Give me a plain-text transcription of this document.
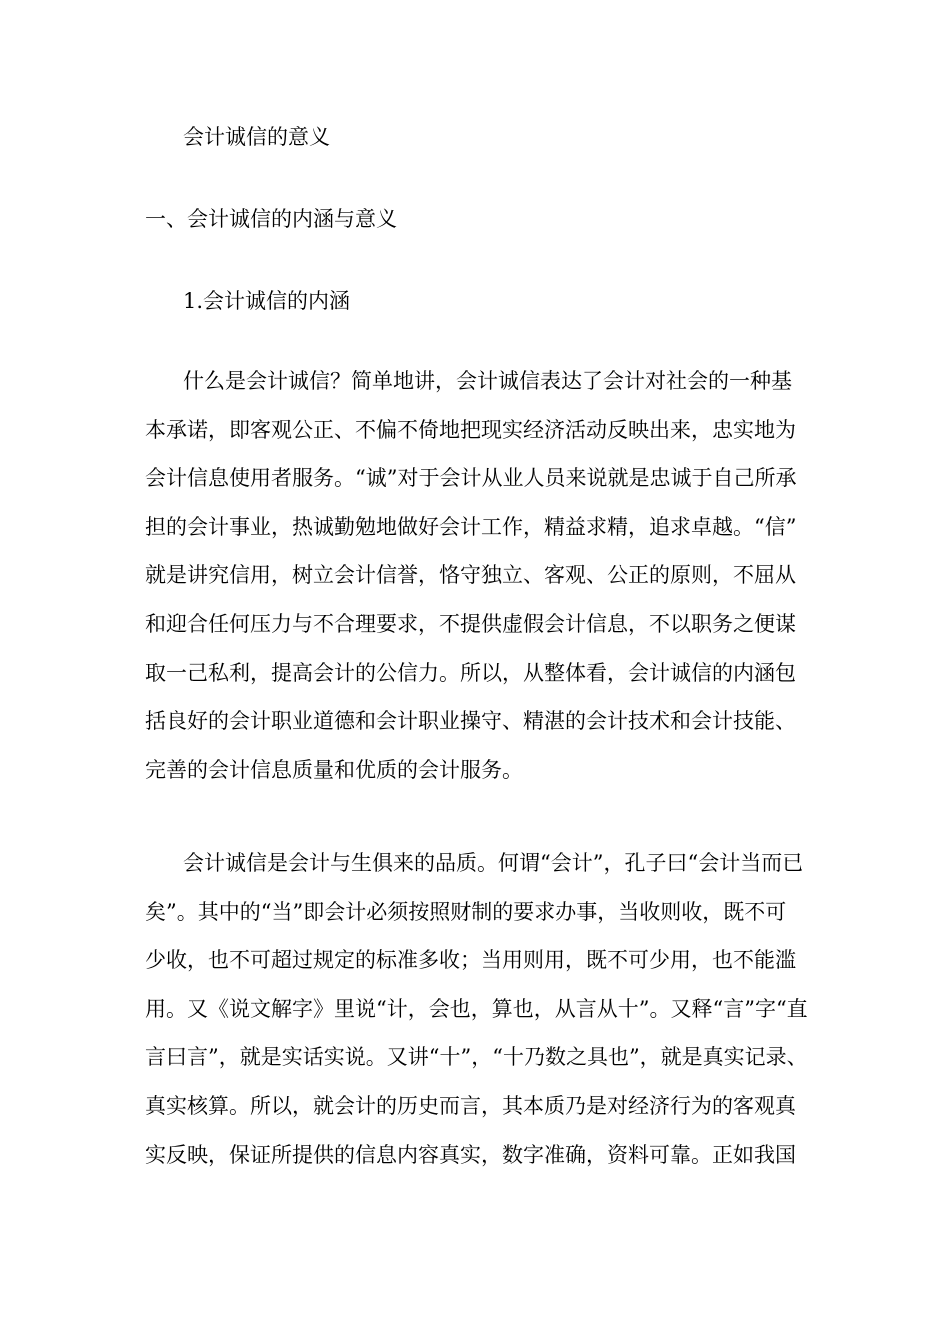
会计诚信的意义
一、会计诚信的内涵与意义
1.会计诚信的内涵
什么是会计诚信？简单地讲，会计诚信表达了会计对社会的一种基
本承诺，即客观公正、不偏不倚地把现实经济活动反映出来，忠实地为
会计信息使用者服务。“诚”对于会计从业人员来说就是忠诚于自己所承
担的会计事业，热诚勤勉地做好会计工作，精益求精，追求卓越。“信”
就是讲究信用，树立会计信誉，恪守独立、客观、公正的原则，不屈从
和迎合任何压力与不合理要求，不提供虚假会计信息，不以职务之便谋
取一己私利，提高会计的公信力。所以，从整体看，会计诚信的内涵包
括良好的会计职业道德和会计职业操守、精湛的会计技术和会计技能、
完善的会计信息质量和优质的会计服务。
会计诚信是会计与生俱来的品质。何谓“会计”，孔子曰“会计当而已
矣”。其中的“当”即会计必须按照财制的要求办事，当收则收，既不可
少收，也不可超过规定的标准多收；当用则用，既不可少用，也不能滥
用。又《说文解字》里说“计，会也，算也，从言从十”。又释“言”字“直
言曰言”，就是实话实说。又讲“十”，“十乃数之具也”，就是真实记录、
真实核算。所以，就会计的历史而言，其本质乃是对经济行为的客观真
实反映，保证所提供的信息内容真实，数字准确，资料可靠。正如我国
